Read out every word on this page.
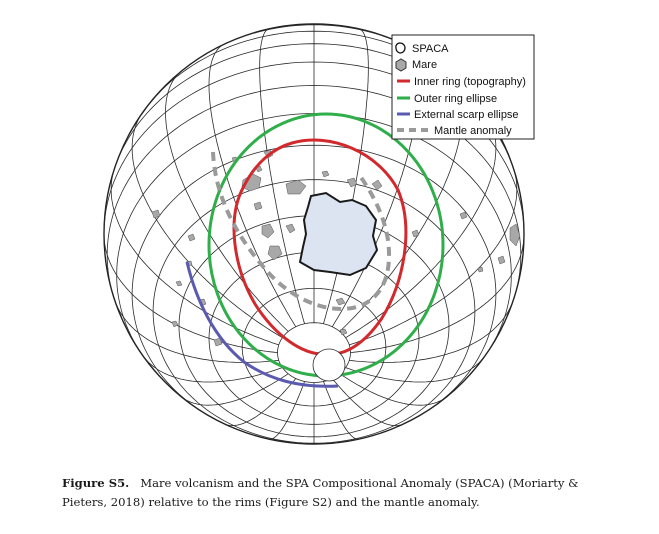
SPACA
Mare
Inner ring (topography)
Outer ring ellipse
External scarp ellipse
Mantle anomaly
Figure S5. Mare volcanism and the SPA Compositional Anomaly (SPACA) (Moriarty & Pieters, 2018) relative to the rims (Figure S2) and the mantle anomaly.
